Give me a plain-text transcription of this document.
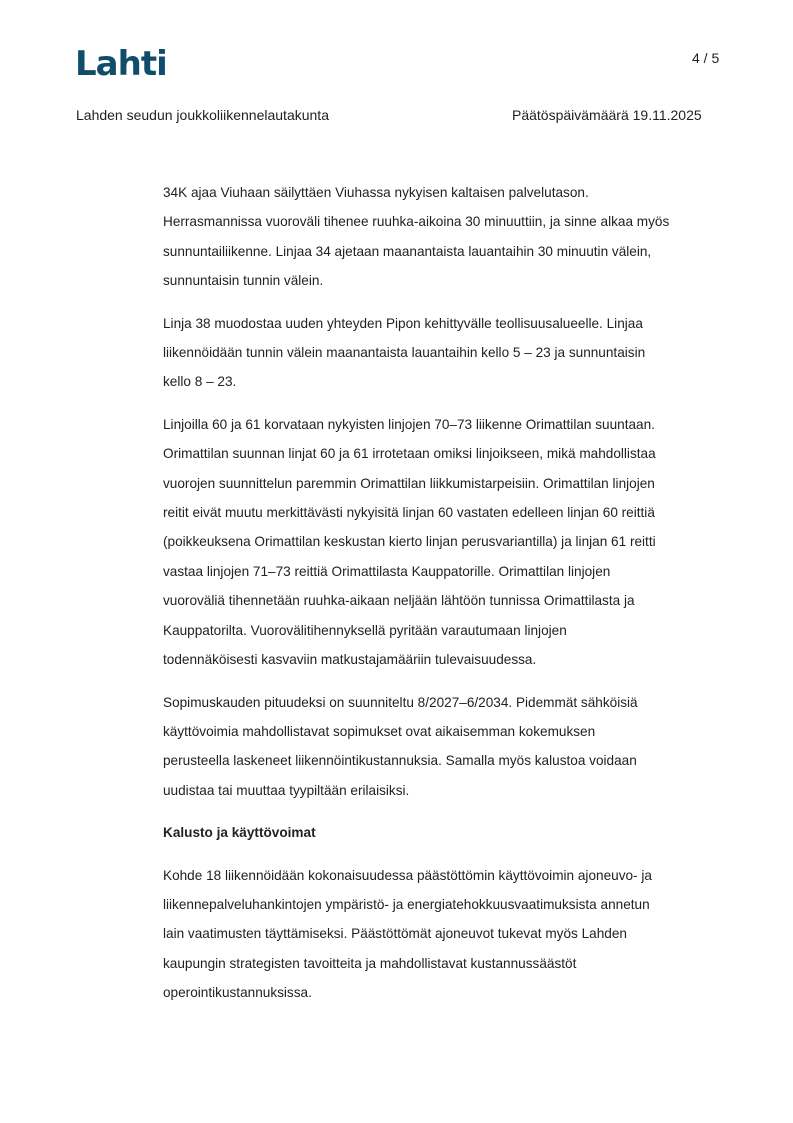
Lahti	4 / 5
Lahden seudun joukkoliikennelautakunta	Päätöspäivämäärä 19.11.2025

34K ajaa Viuhaan säilyttäen Viuhassa nykyisen kaltaisen palvelutason.
Herrasmannissa vuoroväli tihenee ruuhka-aikoina 30 minuuttiin, ja sinne alkaa myös
sunnuntailiikenne. Linjaa 34 ajetaan maanantaista lauantaihin 30 minuutin välein,
sunnuntaisin tunnin välein.

Linja 38 muodostaa uuden yhteyden Pipon kehittyvälle teollisuusalueelle. Linjaa
liikennöidään tunnin välein maanantaista lauantaihin kello 5 – 23 ja sunnuntaisin
kello 8 – 23.

Linjoilla 60 ja 61 korvataan nykyisten linjojen 70–73 liikenne Orimattilan suuntaan.
Orimattilan suunnan linjat 60 ja 61 irrotetaan omiksi linjoikseen, mikä mahdollistaa
vuorojen suunnittelun paremmin Orimattilan liikkumistarpeisiin. Orimattilan linjojen
reitit eivät muutu merkittävästi nykyisitä linjan 60 vastaten edelleen linjan 60 reittiä
(poikkeuksena Orimattilan keskustan kierto linjan perusvariantilla) ja linjan 61 reitti
vastaa linjojen 71–73 reittiä Orimattilasta Kauppatorille. Orimattilan linjojen
vuoroväliä tihennetään ruuhka-aikaan neljään lähtöön tunnissa Orimattilasta ja
Kauppatorilta. Vuorovälitihennyksellä pyritään varautumaan linjojen
todennäköisesti kasvaviin matkustajamääriin tulevaisuudessa.

Sopimuskauden pituudeksi on suunniteltu 8/2027–6/2034. Pidemmät sähköisiä
käyttövoimia mahdollistavat sopimukset ovat aikaisemman kokemuksen
perusteella laskeneet liikennöintikustannuksia. Samalla myös kalustoa voidaan
uudistaa tai muuttaa tyypiltään erilaisiksi.

Kalusto ja käyttövoimat

Kohde 18 liikennöidään kokonaisuudessa päästöttömin käyttövoimin ajoneuvo- ja
liikennepalveluhankintojen ympäristö- ja energiatehokkuusvaatimuksista annetun
lain vaatimusten täyttämiseksi. Päästöttömät ajoneuvot tukevat myös Lahden
kaupungin strategisten tavoitteita ja mahdollistavat kustannussäästöt
operointikustannuksissa.
